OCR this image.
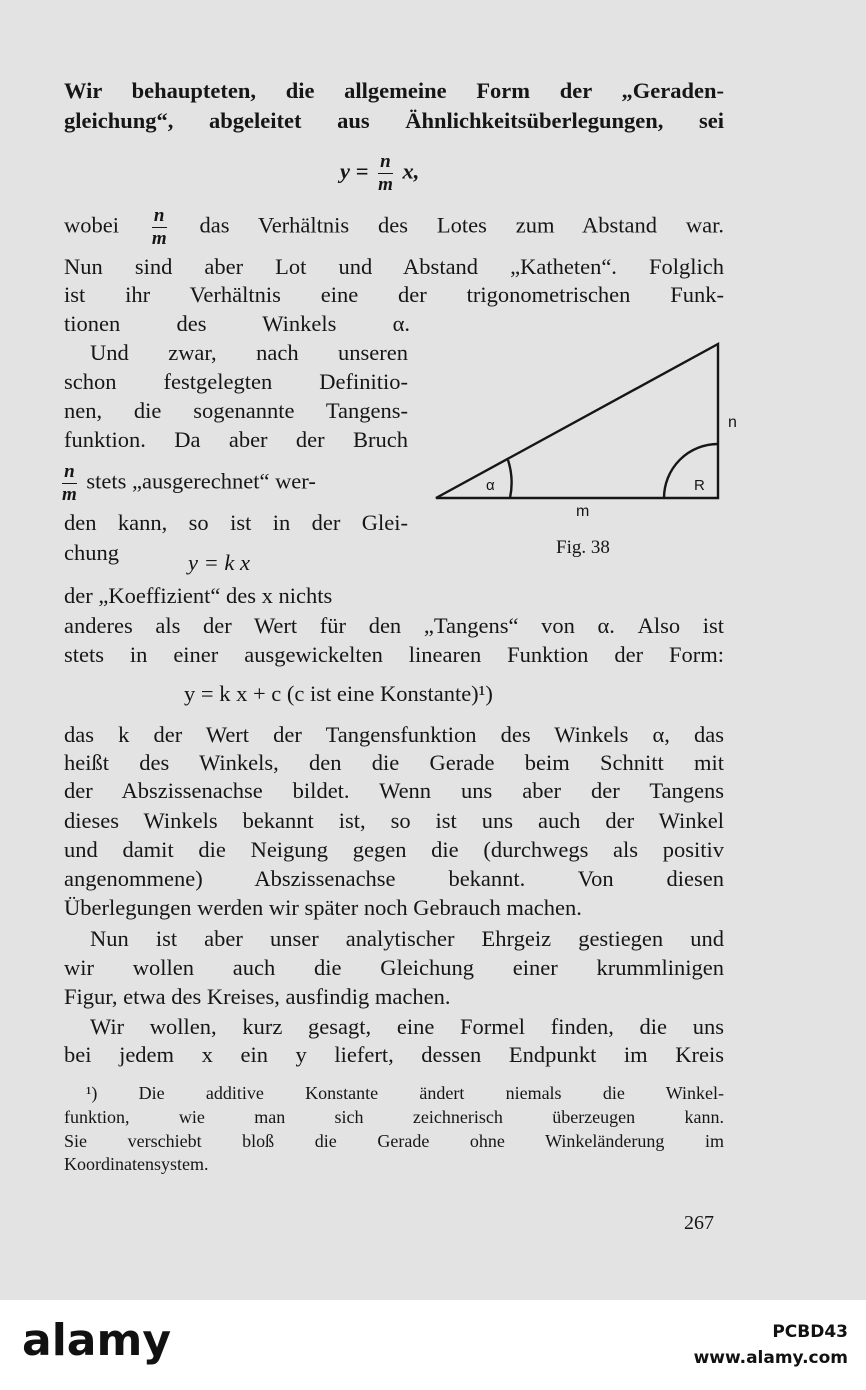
Wir behaupteten, die allgemeine Form der „Geraden-
gleichung“, abgeleitet aus Ähnlichkeitsüberlegungen, sei
$y = \frac{n}{m} x$,
wobei $\frac{n}{m}$ das Verhältnis des Lotes zum Abstand war.
Nun sind aber Lot und Abstand „Katheten“. Folglich
ist ihr Verhältnis eine der trigonometrischen Funk-
tionen des Winkels α.
Und zwar, nach unseren
schon festgelegten Definitio-
nen, die sogenannte Tangens-
funktion. Da aber der Bruch
$\frac{n}{m}$ stets „ausgerechnet“ wer-
den kann, so ist in der Glei-
chung	y = k x
der „Koeffizient“ des x nichts
anderes als der Wert für den „Tangens“ von α. Also ist
stets in einer ausgewickelten linearen Funktion der Form:
y = k x + c (c ist eine Konstante)¹)
das k der Wert der Tangensfunktion des Winkels α, das
heißt des Winkels, den die Gerade beim Schnitt mit
der Abszissenachse bildet. Wenn uns aber der Tangens
dieses Winkels bekannt ist, so ist uns auch der Winkel
und damit die Neigung gegen die (durchwegs als positiv
angenommene) Abszissenachse bekannt. Von diesen
Überlegungen werden wir später noch Gebrauch machen.
Nun ist aber unser analytischer Ehrgeiz gestiegen und
wir wollen auch die Gleichung einer krummlinigen
Figur, etwa des Kreises, ausfindig machen.
Wir wollen, kurz gesagt, eine Formel finden, die uns
bei jedem x ein y liefert, dessen Endpunkt im Kreis
¹) Die additive Konstante ändert niemals die Winkel-
funktion, wie man sich zeichnerisch überzeugen kann.
Sie verschiebt bloß die Gerade ohne Winkeländerung im
Koordinatensystem.
n
m
α	R
Fig. 38
267
alamy	PCBD43
www.alamy.com
